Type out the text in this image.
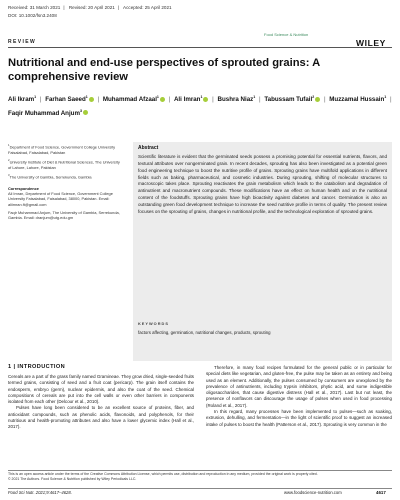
Received: 31 March 2021 | Revised: 20 April 2021 | Accepted: 25 April 2021
DOI: 10.1002/fsn3.2408
Food Science & Nutrition
WILEY
REVIEW
Nutritional and end-use perspectives of sprouted grains: A comprehensive review
Ali Ikram$^1$ | Farhan Saeed$^1$ | Muhammad Afzaal$^1$ | Ali Imran$^1$ | Bushra Niaz$^1$ | Tabussam Tufail$^2$ | Muzzamal Hussain$^1$ | Faqir Muhammad Anjum$^3$

$^1$Department of Food Science, Government College University Faisalabad, Faisalabad, Pakistan

$^2$University Institute of Diet & Nutritional Sciences, The University of Lahore, Lahore, Pakistan

$^3$The University of Gambia, Serrekunda, Gambia

Correspondence

Ali Imran, Department of Food Science, Government College University Faisalabad, Faisalabad, 38000, Pakistan. Email: aliimran.ft@gmail.com

Faqir Muhammad Anjum, The University of Gambia, Serrekunda, Gambia. Email: dranjum@utg.edu.gm

Abstract
Scientific literature is evident that the germinated seeds possess a promising potential for essential nutrients, flavors, and textural attributes over nongerminated grain. In recent decades, sprouting has also been investigated as a potential green food engineering technique to boost the nutritive profile of grains. Sprouting grains have multifold applications in different fields such as baking, pharmaceutical, and cosmetic industries. During sprouting, shifting of molecular structures to macroscopic takes place. Sprouting reactivates the grain metabolism which leads to the catabolism and degradation of antinutrient and macronutrient compounds. These modifications have an effect on human health and on the nutritional content of the foodstuffs. Sprouting grains have high bioactivity against diabetes and cancer. Germination is also an outstanding green food development technique to increase the seed nutritive profile in terms of quality. The present review focuses on the sprouting of grains, changes in nutritional profile, and the technological exploration of sprouted grains.
KEYWORDS
factors affecting, germination, nutritional changes, products, sprouting
1 | INTRODUCTION

Cereals are a part of the grass family named Gramineae. They grow dried, single-seeded fruits termed grains, consisting of seed and a fruit coat (pericarp). The grain itself contains the endosperm, embryo (germ), nuclear epidermis, and also the coat of the seed. Chemical compositions of cereals are put into the cell walls or even other barriers in components isolated from each other (Delcour et al., 2010).

Pulses have long been considered to be an excellent source of proteins, fiber, and antioxidant compounds, such as phenolic acids, flavonoids, and polyphenols, for their nutritious and health-promoting attributes and also have a lower glycemic index (Hall et al., 2017).

Therefore, in many food recipes formulated for the general public or in particular for special diets like vegetarian, and gluten-free, the pulse may be taken as an entirety and being used as an element. Additionally, the pulses consumed by consumers are unexplored by the prevalence of antinutrients, including trypsin inhibitors, phytic acid, and some indigestible oligosaccharides, that cause digestive distress (Hall et al., 2017). Last but not least, the presence of nonflavors can discourage the usage of pulses when used in food processing (Roland et al., 2017).

In this regard, many processes have been implemented to pulses—such as soaking, extrusion, dehulling, and fermentation—in the light of scientific proof to suggest an increased intake of pulses to boost the health (Patterson et al., 2017). Sprouting is very common in the

This is an open access article under the terms of the Creative Commons Attribution License, which permits use, distribution and reproduction in any medium, provided the original work is properly cited.
© 2021 The Authors. Food Science & Nutrition published by Wiley Periodicals LLC.
Food Sci Nutr. 2021;9:4617–4628.	www.foodscience-nutrition.com	4617
